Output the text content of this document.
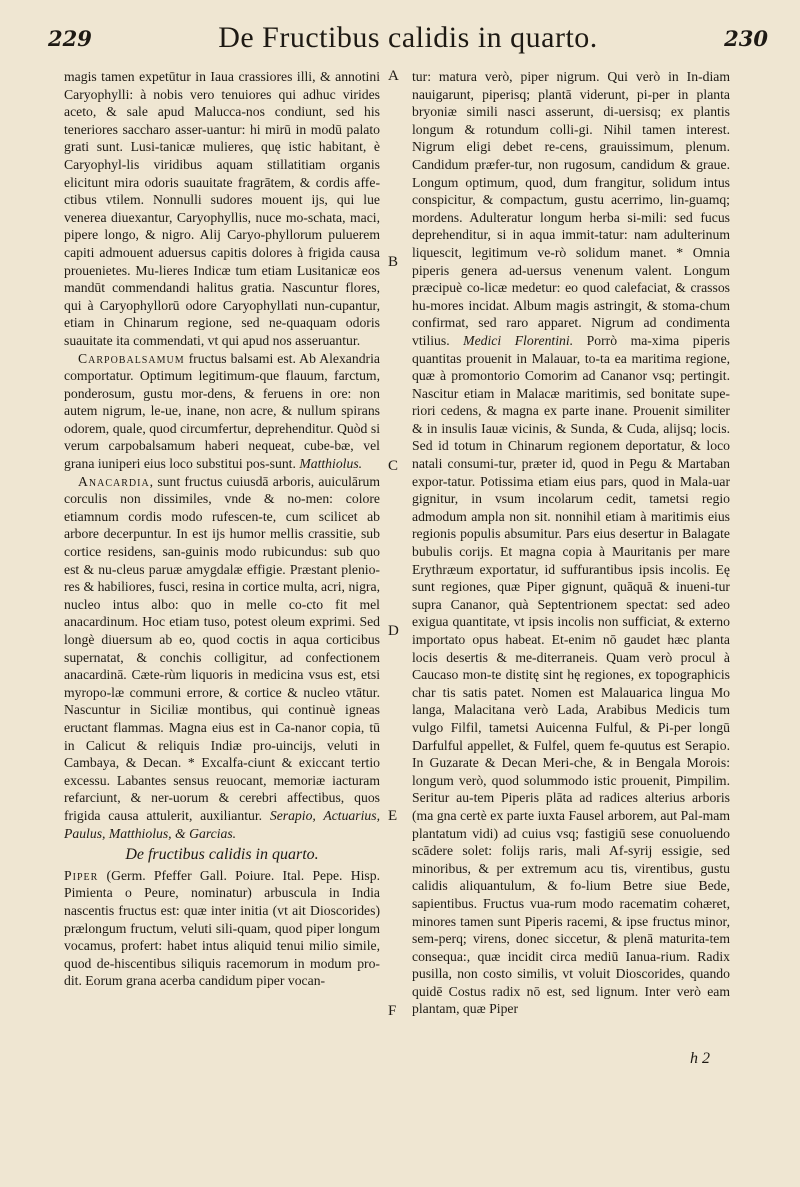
229	De Fructibus calidis in quarto.	230

magis tamen expetūtur in Iaua crassiores illi, & annotini Caryophylli: à nobis vero tenuiores qui adhuc virides aceto, & sale apud Malucca-nos condiunt, sed his teneriores saccharo asser-uantur: hi mirū in modū palato grati sunt. Lusi-tanicæ mulieres, quę istic habitant, è Caryophyl-lis viridibus aquam stillatitiam organis elicitunt mira odoris suauitate fragrātem, & cordis affe-ctibus vtilem. Nonnulli sudores mouent ijs, qui lue venerea diuexantur, Caryophyllis, nuce mo-schata, maci, pipere longo, & nigro. Alij Caryo-phyllorum puluerem capiti admouent aduersus capitis dolores à frigida causa prouenietes. Mu-lieres Indicæ tum etiam Lusitanicæ eos mandūt commendandi halitus gratia. Nascuntur flores, qui à Caryophyllorū odore Caryophyllati nun-cupantur, etiam in Chinarum regione, sed ne-quaquam odoris suauitate ita commendati, vt qui apud nos asseruantur.

Carpobalsamum fructus balsami est. Ab Alexandria comportatur. Optimum legitimum-que flauum, farctum, ponderosum, gustu mor-dens, & feruens in ore: non autem nigrum, le-ue, inane, non acre, & nullum spirans odorem, quale, quod circumfertur, deprehenditur. Quòd si verum carpobalsamum haberi nequeat, cube-bæ, vel grana iuniperi eius loco substitui pos-sunt. Matthiolus.

Anacardia, sunt fructus cuiusdā arboris, auiculārum corculis non dissimiles, vnde & no-men: colore etiamnum cordis modo rufescen-te, cum scilicet ab arbore decerpuntur. In est ijs humor mellis crassitie, sub cortice residens, san-guinis modo rubicundus: sub quo est & nu-cleus paruæ amygdalæ effigie. Præstant plenio-res & habiliores, fusci, resina in cortice multa, acri, nigra, nucleo intus albo: quo in melle co-cto fit mel anacardinum. Hoc etiam tuso, potest oleum exprimi. Sed longè diuersum ab eo, quod coctis in aqua corticibus supernatat, & conchis colligitur, ad confectionem anacardinā. Cæte-rùm liquoris in medicina vsus est, etsi myropo-læ communi errore, & cortice & nucleo vtātur. Nascuntur in Siciliæ montibus, qui continuè igneas eructant flammas. Magna eius est in Ca-nanor copia, tū in Calicut & reliquis Indiæ pro-uincijs, veluti in Cambaya, & Decan. * Excalfa-ciunt & exiccant tertio excessu. Labantes sensus reuocant, memoriæ iacturam refarciunt, & ner-uorum & cerebri affectibus, quos frigida causa attulerit, auxiliantur. Serapio, Actuarius, Paulus, Matthiolus, & Garcias.

De fructibus calidis in quarto.

Piper (Germ. Pfeffer Gall. Poiure. Ital. Pepe. Hisp. Pimienta o Peure, nominatur) arbuscula in India nascentis fructus est: quæ inter initia (vt ait Dioscorides) prælongum fructum, veluti sili-quam, quod piper longum vocamus, profert: habet intus aliquid tenui milio simile, quod de-hiscentibus siliquis racemorum in modum pro-dit. Eorum grana acerba candidum piper vocan-

A
B
C
D
E
F

tur: matura verò, piper nigrum. Qui verò in In-diam nauigarunt, piperisq; plantā viderunt, pi-per in planta bryoniæ simili nasci asserunt, di-uersisq; ex plantis longum & rotundum colli-gi. Nihil tamen interest. Nigrum eligi debet re-cens, grauissimum, plenum. Candidum præfer-tur, non rugosum, candidum & graue. Longum optimum, quod, dum frangitur, solidum intus conspicitur, & compactum, gustu acerrimo, lin-guamq; mordens. Adulteratur longum herba si-mili: sed fucus deprehenditur, si in aqua immit-tatur: nam adulterinum liquescit, legitimum ve-rò solidum manet. * Omnia piperis genera ad-uersus venenum valent. Longum præcipuè co-licæ medetur: eo quod calefaciat, & crassos hu-mores incidat. Album magis astringit, & stoma-chum confirmat, sed raro apparet. Nigrum ad condimenta vtilius. Medici Florentini. Porrò ma-xima piperis quantitas prouenit in Malauar, to-ta ea maritima regione, quæ à promontorio Comorim ad Cananor vsq; pertingit. Nascitur etiam in Malacæ maritimis, sed bonitate supe-riori cedens, & magna ex parte inane. Prouenit similiter & in insulis Iauæ vicinis, & Sunda, & Cuda, alijsq; locis. Sed id totum in Chinarum regionem deportatur, & loco natali consumi-tur, præter id, quod in Pegu & Martaban expor-tatur. Potissima etiam eius pars, quod in Mala-uar gignitur, in vsum incolarum cedit, tametsi regio admodum ampla non sit. nonnihil etiam à maritimis eius regionis populis absumitur. Pars eius desertur in Balagate bubulis corijs. Et magna copia à Mauritanis per mare Erythræum exportatur, id suffurantibus ipsis incolis. Eę sunt regiones, quæ Piper gignunt, quāquā & inueni-tur supra Cananor, quà Septentrionem spectat: sed adeo exigua quantitate, vt ipsis incolis non sufficiat, & externo importato opus habeat. Et-enim nō gaudet hæc planta locis desertis & me-diterraneis. Quam verò procul à Caucaso mon-te distitę sint hę regiones, ex topographicis char tis satis patet. Nomen est Malauarica lingua Mo langa, Malacitana verò Lada, Arabibus Medicis tum vulgo Filfil, tametsi Auicenna Fulful, & Pi-per longū Darfulful appellet, & Fulfel, quem fe-quutus est Serapio. In Guzarate & Decan Meri-che, & in Bengala Morois: longum verò, quod solummodo istic prouenit, Pimpilim. Seritur au-tem Piperis plāta ad radices alterius arboris (ma gna certè ex parte iuxta Fausel arborem, aut Pal-mam plantatum vidi) ad cuius vsq; fastigiū sese conuoluendo scādere solet: folijs raris, mali Af-syrij essigie, sed minoribus, & per extremum acu tis, virentibus, gustu calidis aliquantulum, & fo-lium Betre siue Bede, sapientibus. Fructus vua-rum modo racematim cohæret, minores tamen sunt Piperis racemi, & ipse fructus minor, sem-perq; virens, donec siccetur, & plenā maturita-tem consequa:, quæ incidit circa mediū Ianua-rium. Radix pusilla, non costo similis, vt voluit Dioscorides, quando quidē Costus radix nō est, sed lignum. Inter verò eam plantam, quæ Piper

h 2
